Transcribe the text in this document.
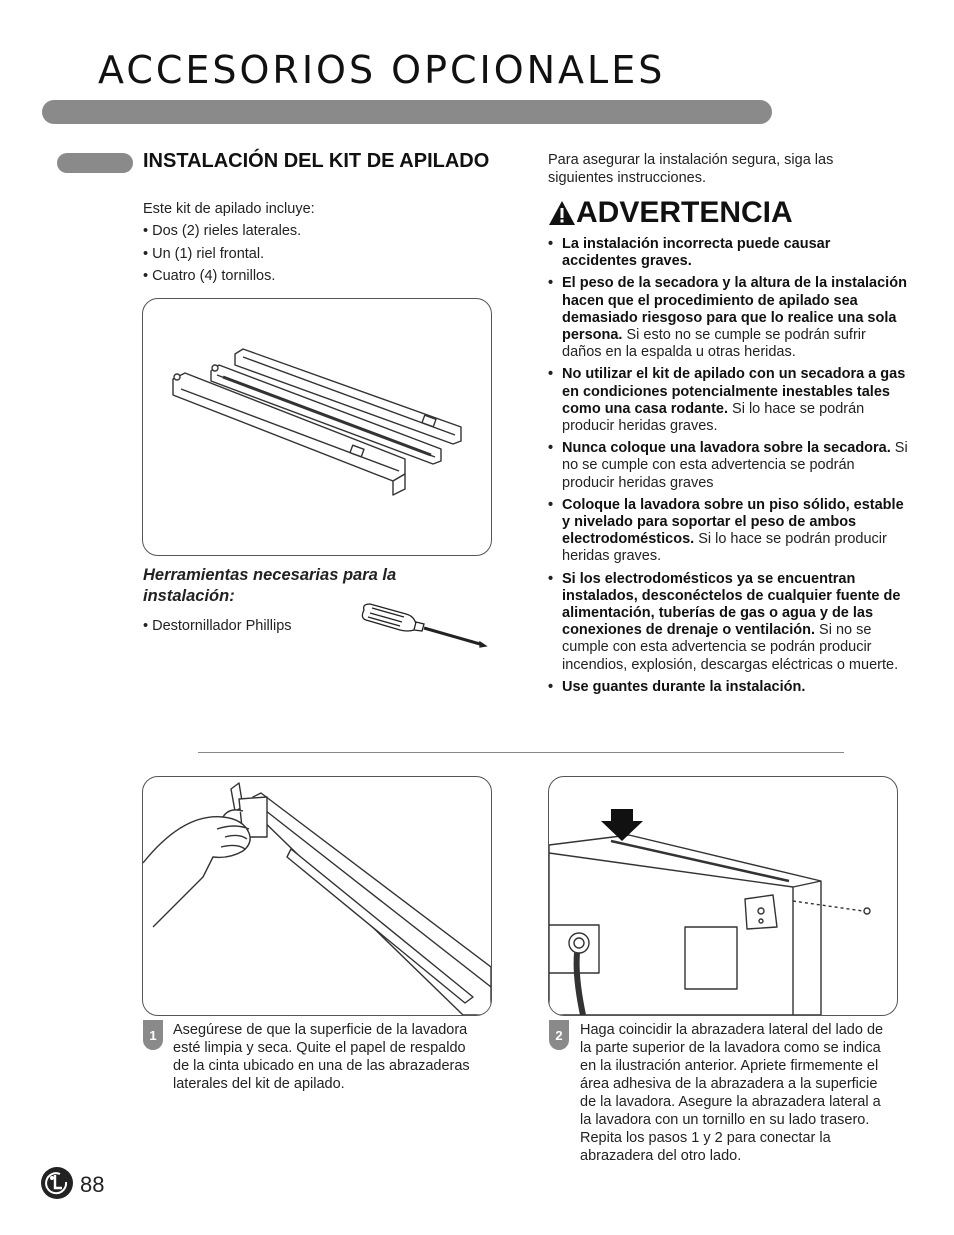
ACCESORIOS OPCIONALES
INSTALACIÓN DEL KIT DE APILADO
Este kit de apilado incluye:
• Dos (2) rieles laterales.
• Un (1) riel frontal.
• Cuatro (4) tornillos.
Herramientas necesarias para la instalación:
• Destornillador Phillips
Para asegurar la instalación segura, siga las siguientes instrucciones.
ADVERTENCIA
• La instalación incorrecta puede causar accidentes graves.
• El peso de la secadora y la altura de la instalación hacen que el procedimiento de apilado sea demasiado riesgoso para que lo realice una sola persona. Si esto no se cumple se podrán sufrir daños en la espalda u otras heridas.
• No utilizar el kit de apilado con un secadora a gas en condiciones potencialmente inestables tales como una casa rodante. Si lo hace se podrán producir heridas graves.
• Nunca coloque una lavadora sobre la secadora. Si no se cumple con esta advertencia se podrán producir heridas graves
• Coloque la lavadora sobre un piso sólido, estable y nivelado para soportar el peso de ambos electrodomésticos. Si lo hace se podrán producir heridas graves.
• Si los electrodomésticos ya se encuentran instalados, desconéctelos de cualquier fuente de alimentación, tuberías de gas o agua y de las conexiones de drenaje o ventilación. Si no se cumple con esta advertencia se podrán producir incendios, explosión, descargas eléctricas o muerte.
• Use guantes durante la instalación.
1	Asegúrese de que la superficie de la lavadora esté limpia y seca. Quite el papel de respaldo de la cinta ubicado en una de las abrazaderas laterales del kit de apilado.
2	Haga coincidir la abrazadera lateral del lado de la parte superior de la lavadora como se indica en la ilustración anterior. Apriete firmemente el área adhesiva de la abrazadera a la superficie de la lavadora. Asegure la abrazadera lateral a la lavadora con un tornillo en su lado trasero. Repita los pasos 1 y 2 para conectar la abrazadera del otro lado.
88
